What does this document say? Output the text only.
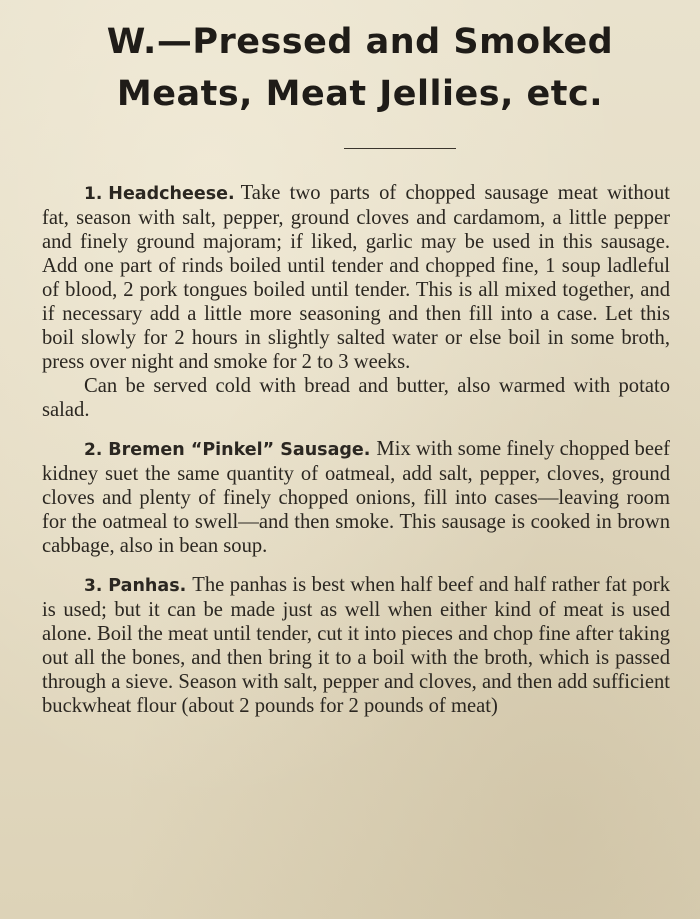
W.—Pressed and Smoked
Meats, Meat Jellies, etc.

1. Headcheese. Take two parts of chopped sausage meat without fat, season with salt, pepper, ground cloves and cardamom, a little pepper and finely ground majoram; if liked, garlic may be used in this sausage. Add one part of rinds boiled until tender and chopped fine, 1 soup ladleful of blood, 2 pork tongues boiled until tender. This is all mixed together, and if necessary add a little more seasoning and then fill into a case. Let this boil slowly for 2 hours in slightly salted water or else boil in some broth, press over night and smoke for 2 to 3 weeks.

Can be served cold with bread and butter, also warmed with potato salad.

2. Bremen “Pinkel” Sausage. Mix with some finely chopped beef kidney suet the same quantity of oatmeal, add salt, pepper, cloves, ground cloves and plenty of finely chopped onions, fill into cases—leaving room for the oatmeal to swell—and then smoke. This sausage is cooked in brown cabbage, also in bean soup.

3. Panhas. The panhas is best when half beef and half rather fat pork is used; but it can be made just as well when either kind of meat is used alone. Boil the meat until tender, cut it into pieces and chop fine after taking out all the bones, and then bring it to a boil with the broth, which is passed through a sieve. Season with salt, pepper and cloves, and then add sufficient buckwheat flour (about 2 pounds for 2 pounds of meat)
